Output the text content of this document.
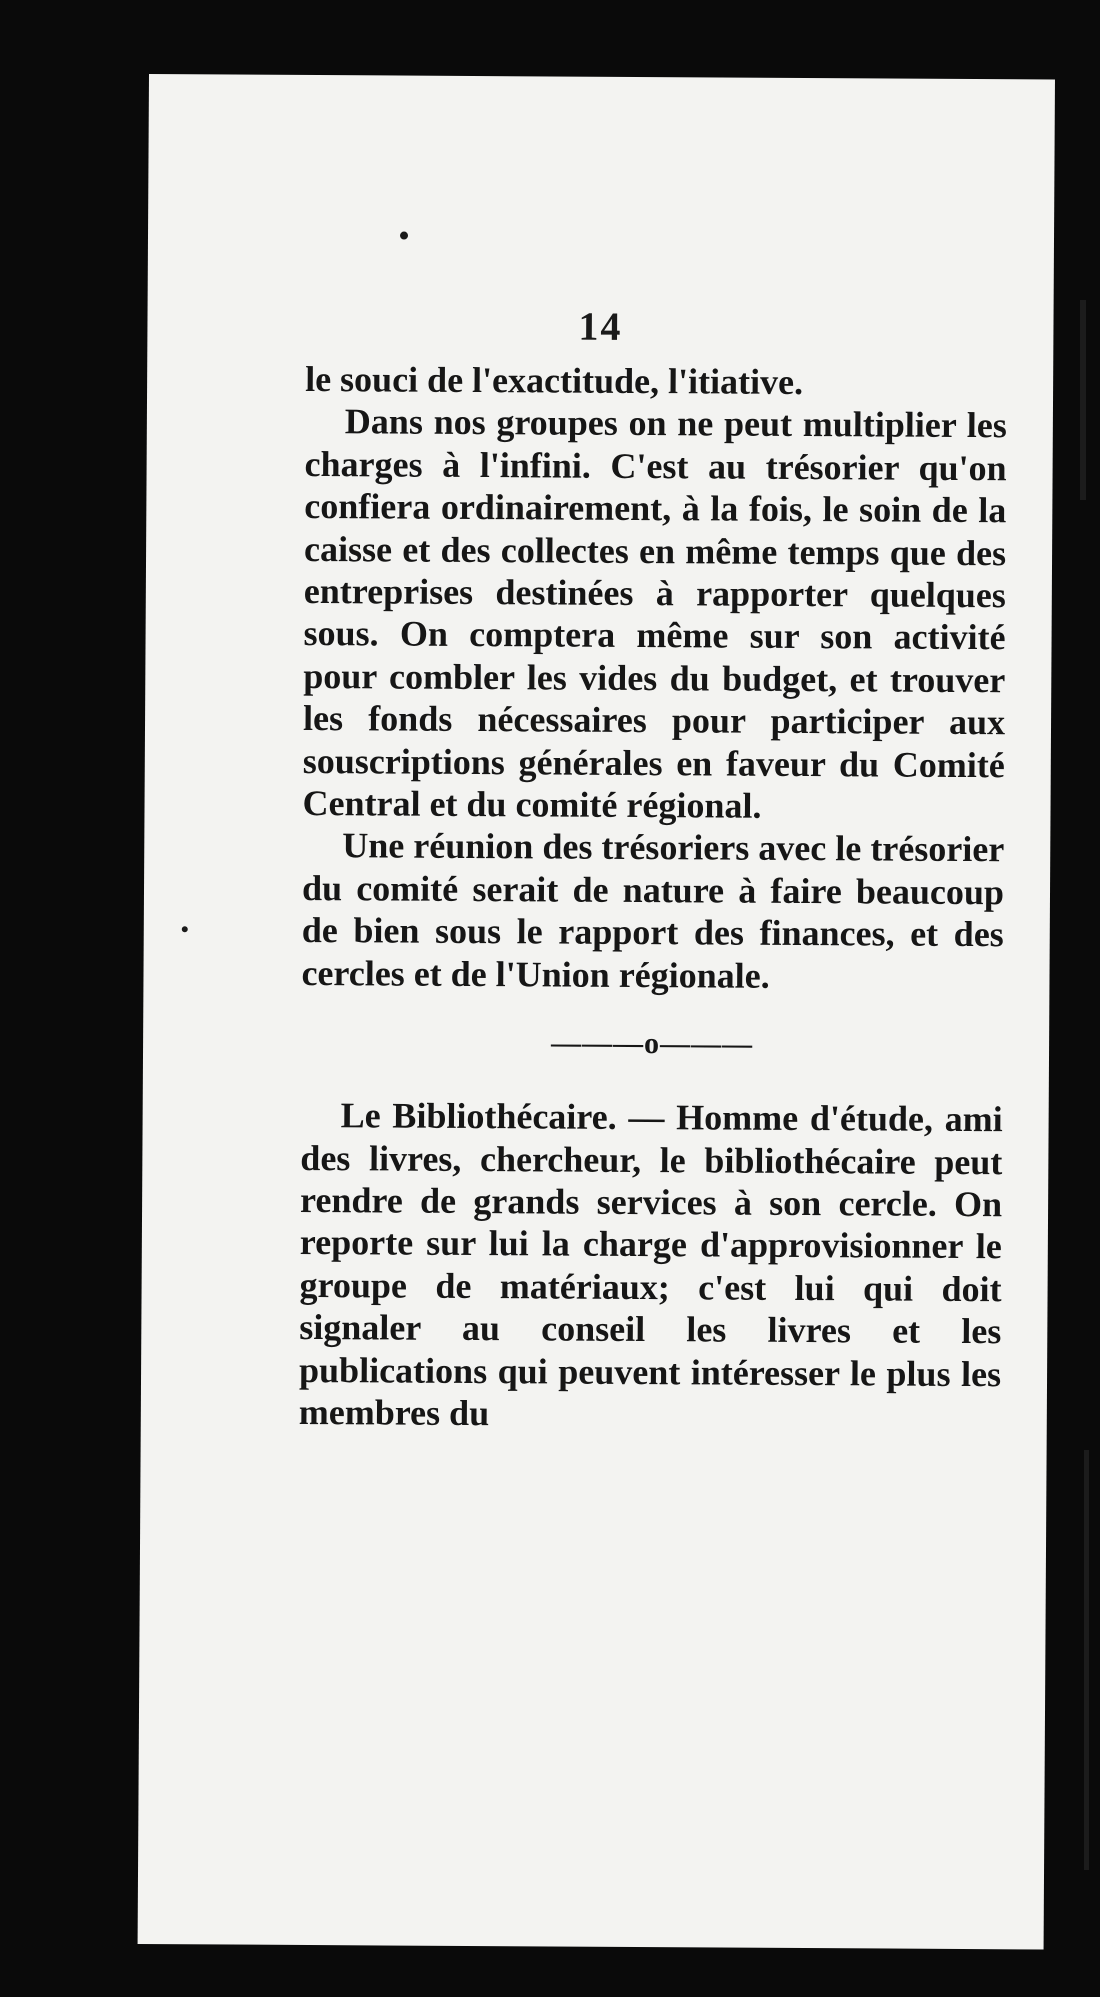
14

le souci de l'exactitude, l'itiative.

Dans nos groupes on ne peut multiplier les charges à l'infini. C'est au trésorier qu'on confiera ordinairement, à la fois, le soin de la caisse et des collectes en même temps que des entreprises destinées à rapporter quelques sous. On comptera même sur son activité pour combler les vides du budget, et trouver les fonds nécessaires pour participer aux souscriptions générales en faveur du Comité Central et du comité régional.

Une réunion des trésoriers avec le trésorier du comité serait de nature à faire beaucoup de bien sous le rapport des finances, et des cercles et de l'Union régionale.

———o———

Le Bibliothécaire. — Homme d'étude, ami des livres, chercheur, le bibliothécaire peut rendre de grands services à son cercle. On reporte sur lui la charge d'approvisionner le groupe de matériaux; c'est lui qui doit signaler au conseil les livres et les publications qui peuvent intéresser le plus les membres du
